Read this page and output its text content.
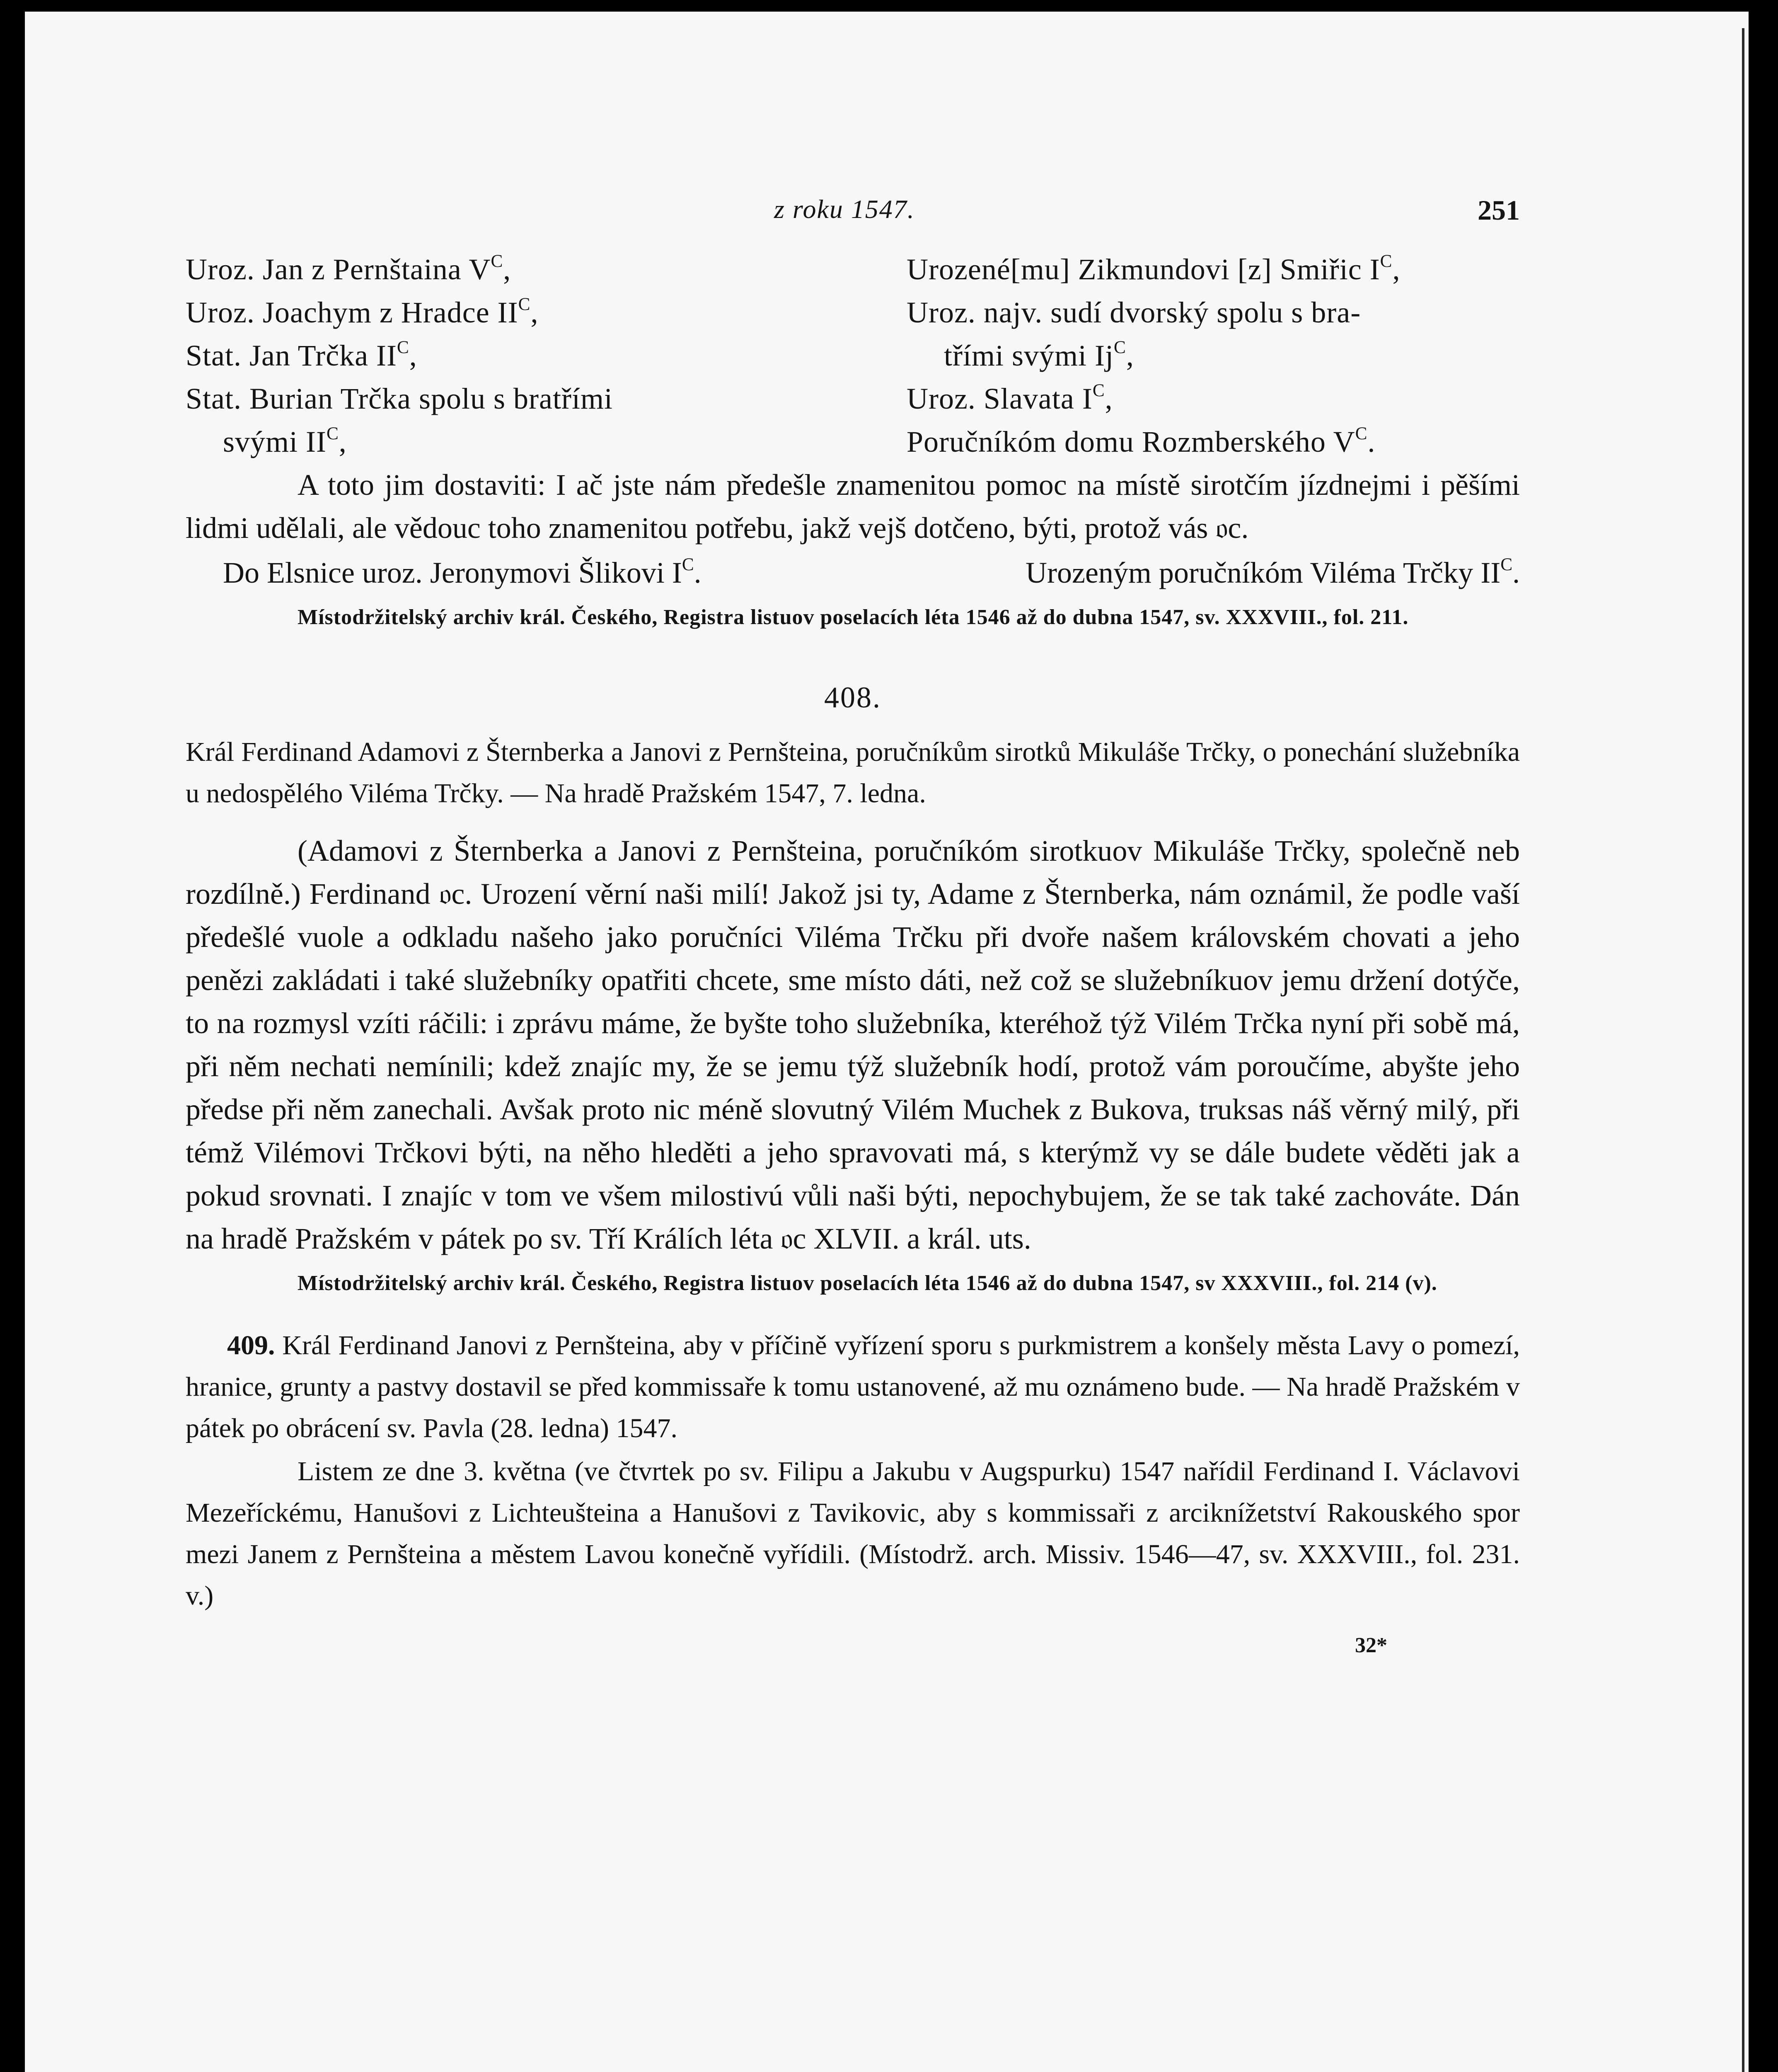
z roku 1547.	251
Uroz. Jan z Pernštaina $V^C$,
Uroz. Joachym z Hradce $II^C$,
Stat. Jan Trčka $II^C$,
Stat. Burian Trčka spolu s bratřími
svými $II^C$,
Urozené[mu] Zikmundovi [z] Smiřic $I^C$,
Uroz. najv. sudí dvorský spolu s bra-
třími svými $Ij^C$,
Uroz. Slavata $I^C$,
Poručníkóm domu Rozmberského $V^C$.

A toto jim dostaviti: I ač jste nám předešle znamenitou pomoc na místě sirotčím jízdnejmi i pěšími lidmi udělali, ale vědouc toho znamenitou potřebu, jakž vejš dotčeno, býti, protož vás 𝔬c.

Do Elsnice uroz. Jeronymovi Šlikovi $I^C$.	Urozeným poručníkóm Viléma Trčky $II^C$.

Místodržitelský archiv král. Českého, Registra listuov poselacích léta 1546 až do dubna 1547, sv. XXXVIII., fol. 211.

408.

Král Ferdinand Adamovi z Šternberka a Janovi z Pernšteina, poručníkům sirotků Mikuláše Trčky, o ponechání služebníka u nedospělého Viléma Trčky. — Na hradě Pražském 1547, 7. ledna.

(Adamovi z Šternberka a Janovi z Pernšteina, poručníkóm sirotkuov Mikuláše Trčky, společně neb rozdílně.) Ferdinand 𝔬c. Urození věrní naši milí! Jakož jsi ty, Adame z Šternberka, nám oznámil, že podle vaší předešlé vuole a odkladu našeho jako poručníci Viléma Trčku při dvoře našem královském chovati a jeho penězi zakládati i také služebníky opatřiti chcete, sme místo dáti, než což se služebníkuov jemu držení dotýče, to na rozmysl vzíti ráčili: i zprávu máme, že byšte toho služebníka, kteréhož týž Vilém Trčka nyní při sobě má, při něm nechati nemínili; kdež znajíc my, že se jemu týž služebník hodí, protož vám poroučíme, abyšte jeho předse při něm zanechali. Avšak proto nic méně slovutný Vilém Muchek z Bukova, truksas náš věrný milý, při témž Vilémovi Trčkovi býti, na něho hleděti a jeho spravovati má, s kterýmž vy se dále budete věděti jak a pokud srovnati. I znajíc v tom ve všem milostivú vůli naši býti, nepochybujem, že se tak také zachováte. Dán na hradě Pražském v pátek po sv. Tří Králích léta 𝔬c XLVII. a král. uts.

Místodržitelský archiv král. Českého, Registra listuov poselacích léta 1546 až do dubna 1547, sv XXXVIII., fol. 214 (v).

409. Král Ferdinand Janovi z Pernšteina, aby v příčině vyřízení sporu s purkmistrem a konšely města Lavy o pomezí, hranice, grunty a pastvy dostavil se před kommissaře k tomu ustanovené, až mu oznámeno bude. — Na hradě Pražském v pátek po obrácení sv. Pavla (28. ledna) 1547.

Listem ze dne 3. května (ve čtvrtek po sv. Filipu a Jakubu v Augspurku) 1547 nařídil Ferdinand I. Václavovi Mezeříckému, Hanušovi z Lichteušteina a Hanušovi z Tavikovic, aby s kommissaři z arciknížetství Rakouského spor mezi Janem z Pernšteina a městem Lavou konečně vyřídili. (Místodrž. arch. Missiv. 1546—47, sv. XXXVIII., fol. 231. v.)

32*
